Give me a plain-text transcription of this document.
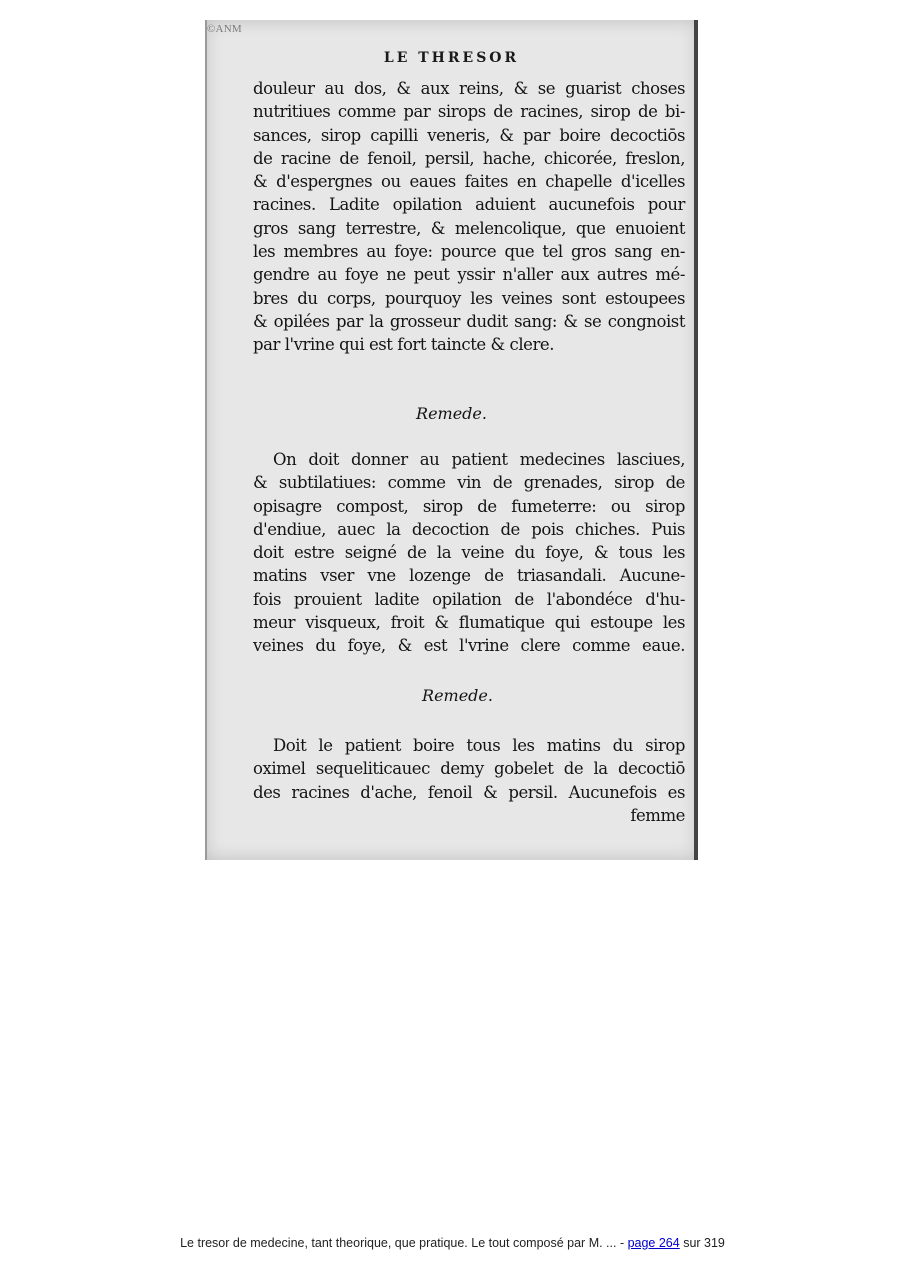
©ANM
LE THRESOR
douleur au dos, & aux reins, & se guarist choses
nutritiues comme par sirops de racines, sirop de bi-
sances, sirop capilli veneris, & par boire decoctiōs
de racine de fenoil, persil, hache, chicorée, freslon,
& d'espergnes ou eaues faites en chapelle d'icelles
racines. Ladite opilation aduient aucunefois pour
gros sang terrestre, & melencolique, que enuoient
les membres au foye: pource que tel gros sang en-
gendre au foye ne peut yssir n'aller aux autres mé-
bres du corps, pourquoy les veines sont estoupees
& opilées par la grosseur dudit sang: & se congnoist
par l'vrine qui est fort taincte & clere.
Remede.
On doit donner au patient medecines lasciues,
& subtilatiues: comme vin de grenades, sirop de
opisagre compost, sirop de fumeterre: ou sirop
d'endiue, auec la decoction de pois chiches. Puis
doit estre seigné de la veine du foye, & tous les
matins vser vne lozenge de triasandali. Aucune-
fois prouient ladite opilation de l'abondéce d'hu-
meur visqueux, froit & flumatique qui estoupe les
veines du foye, & est l'vrine clere comme eaue.
Remede.
Doit le patient boire tous les matins du sirop
oximel sequeliticauec demy gobelet de la decoctiō
des racines d'ache, fenoil & persil. Aucunefois es
femme
Le tresor de medecine, tant theorique, que pratique. Le tout composé par M. ... - page 264 sur 319
